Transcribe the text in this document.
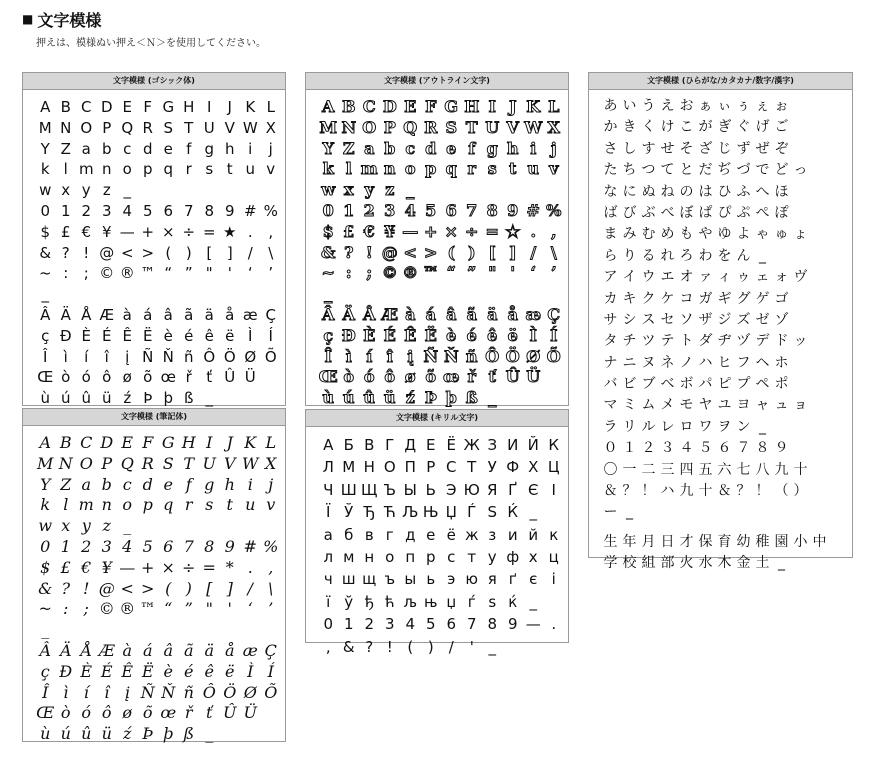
■ 文字模様
押えは、模様ぬい押え＜Ｎ＞を使用してください。
文字模様 (ゴシック体)
A B C D E F G H I	J K L
M N O P Q R S T U V W X
Y Z a b c d e f g h i	j
k l m n o p q r s t u v
w x y z _
0 1 2 3 4 5 6 7 8 9 # %
$ £ € ¥ — + × ÷ = ★ .	,
& ? ! @ < > ( ) [ ]	/	\
~ :	; © ® ™ “ ” " '	‘	’
_
Â Ä Å Æ à á â ã ä å æ Ç
ç Ð È É Ê Ë è é ê ë Ì	Í
Î	ì	í	î	į Ñ Ň ñ Ô Ö Ø Õ
Œ ò ó ô ø õ œ ř ť Û Ü
ù ú û ü ź Þ þ ß _
文字模様 (アウトライン文字)
A B C D E F G H I J K L
M N O P Q R S T U V W X
Y Z a b c d e f g h i j
k l m n o p q r s t u v
w x y z _
0 1 2 3 4 5 6 7 8 9 # %
$ £ € ¥ — + × ÷ = ★ . ,
& ? ! @ < > ( ) [ ] / \
~ : ; © ® ™ “ ” " ' ‘ ’
_
Â Ä Å Æ à á â ã ä å æ Ç
ç Ð È É Ê Ë è é ê ë Ì Í
Î ì í î į Ñ Ň ñ Ô Ö Ø Õ
Œ ò ó ô ø õ œ ř ť Û Ü
ù ú û ü ź Þ þ ß _
文字模様 (筆記体)
A B C D E F G H I J K L
M N O P Q R S T U V W X
Y Z a b c d e f g h i j
k l m n o p q r s t u v
w x y z _
0 1 2 3 4 5 6 7 8 9 # %
$ £ € ¥ — + × ÷ = * . ,
& ? ! @ < > ( ) [ ] / \
~ : ; © ® ™ “ ” " ' ‘ ’
_
Â Ä Å Æ à á â ã ä å æ Ç
ç Ð È É Ê Ë è é ê ë Ì Í
Î ì í î į Ñ Ň ñ Ô Ö Ø Õ
Œ ò ó ô ø õ œ ř ť Û Ü
ù ú û ü ź Þ þ ß _
文字模様 (キリル文字)
А Б В Г Д Е Ё Ж З И Й К
Л М Н О П Р С Т У Ф Х Ц
Ч Ш Щ Ъ Ы Ь Э Ю Я Ґ Є І
Ї Ў Ђ Ћ Љ Њ Џ Ѓ Ѕ Ќ _
а б в г д е ё ж з и й к
л м н о п р с т у ф х ц
ч ш щ ъ ы ь э ю я ґ є і
ї ў ђ ћ љ њ џ ѓ ѕ ќ _
0 1 2 3 4 5 6 7 8 9 — .
, & ? ! ( )	/	' _
文字模様 (ひらがな/カタカナ/数字/漢字)
あ い う え お ぁ ぃ ぅ ぇ ぉ
か き く け こ が ぎ ぐ げ ご
さ し す せ そ ざ じ ず ぜ ぞ
た ち つ て と だ ぢ づ で ど っ
な に ぬ ね の は ひ ふ へ ほ
ば び ぶ べ ぼ ぱ ぴ ぷ ぺ ぽ
ま み む め も や ゆ よ ゃ ゅ ょ
ら り る れ ろ わ を ん _
ア イ ウ エ オ ァ ィ ゥ ェ ォ ヴ
カ キ ク ケ コ ガ ギ グ ゲ ゴ
サ シ ス セ ソ ザ ジ ズ ゼ ゾ
タ チ ツ テ ト ダ ヂ ヅ デ ド ッ
ナ ニ ヌ ネ ノ ハ ヒ フ ヘ ホ
バ ビ ブ ベ ボ パ ピ プ ペ ポ
マ ミ ム メ モ ヤ ユ ヨ ャ ュ ョ
ラ リ ル レ ロ ワ ヲ ン _
０ １ ２ ３ ４ ５ ６ ７ ８ ９
〇 一 二 三 四 五 六 七 八 九 十
＆ ？ ！ ハ 九 十 ＆ ？ ！ （ ）
ー _
生 年 月 日 才 保 育 幼 稚 園 小 中
学 校 組 部 火 水 木 金 土 _
